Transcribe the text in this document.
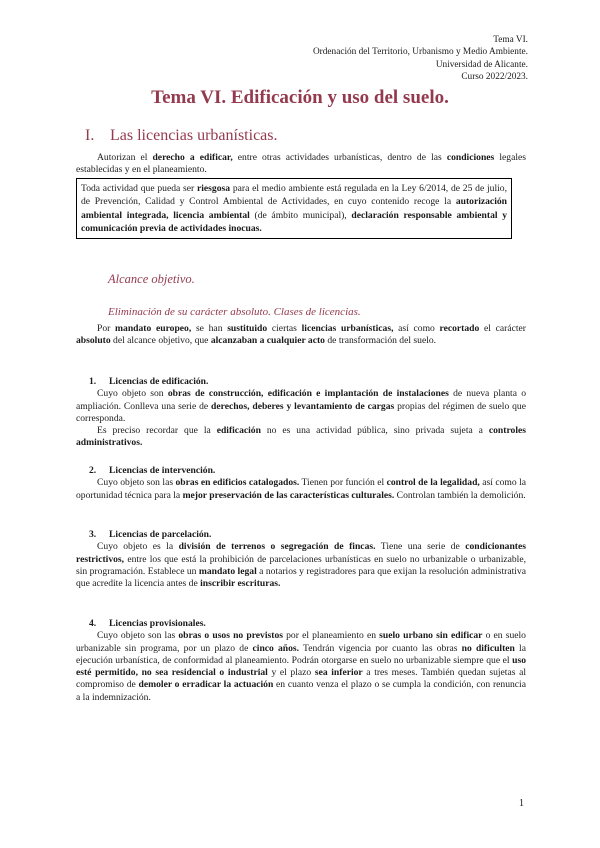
Tema VI.
Ordenación del Territorio, Urbanismo y Medio Ambiente.
Universidad de Alicante.
Curso 2022/2023.
Tema VI. Edificación y uso del suelo.
I. Las licencias urbanísticas.
Autorizan el derecho a edificar, entre otras actividades urbanísticas, dentro de las condiciones legales establecidas y en el planeamiento.
Toda actividad que pueda ser riesgosa para el medio ambiente está regulada en la Ley 6/2014, de 25 de julio, de Prevención, Calidad y Control Ambiental de Actividades, en cuyo contenido recoge la autorización ambiental integrada, licencia ambiental (de ámbito municipal), declaración responsable ambiental y comunicación previa de actividades inocuas.
Alcance objetivo.
Eliminación de su carácter absoluto. Clases de licencias.
Por mandato europeo, se han sustituido ciertas licencias urbanísticas, así como recortado el carácter absoluto del alcance objetivo, que alcanzaban a cualquier acto de transformación del suelo.
1. Licencias de edificación.
Cuyo objeto son obras de construcción, edificación e implantación de instalaciones de nueva planta o ampliación. Conlleva una serie de derechos, deberes y levantamiento de cargas propias del régimen de suelo que corresponda.
Es preciso recordar que la edificación no es una actividad pública, sino privada sujeta a controles administrativos.
2. Licencias de intervención.
Cuyo objeto son las obras en edificios catalogados. Tienen por función el control de la legalidad, así como la oportunidad técnica para la mejor preservación de las características culturales. Controlan también la demolición.
3. Licencias de parcelación.
Cuyo objeto es la división de terrenos o segregación de fincas. Tiene una serie de condicionantes restrictivos, entre los que está la prohibición de parcelaciones urbanísticas en suelo no urbanizable o urbanizable, sin programación. Establece un mandato legal a notarios y registradores para que exijan la resolución administrativa que acredite la licencia antes de inscribir escrituras.
4. Licencias provisionales.
Cuyo objeto son las obras o usos no previstos por el planeamiento en suelo urbano sin edificar o en suelo urbanizable sin programa, por un plazo de cinco años. Tendrán vigencia por cuanto las obras no dificulten la ejecución urbanística, de conformidad al planeamiento. Podrán otorgarse en suelo no urbanizable siempre que el uso esté permitido, no sea residencial o industrial y el plazo sea inferior a tres meses. También quedan sujetas al compromiso de demoler o erradicar la actuación en cuanto venza el plazo o se cumpla la condición, con renuncia a la indemnización.
1
